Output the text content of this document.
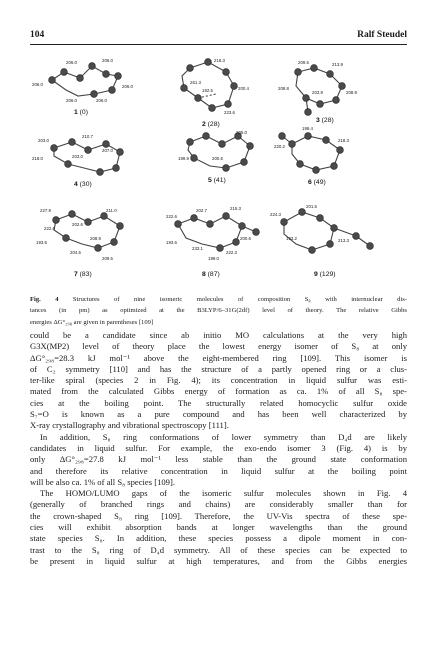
104	Ralf Steudel
206.0	206.0
206.0	206.0
206.0	206.0
218.3
200.4
261.3
192.5
223.6
209.5	213.9
208.9
208.8
203.9
203.0
210.7
207.0
218.0	203.0	199.9	200.5
205.0
199.4
220.2
218.3
227.9
202.6
211.0
222.6
193.5
208.9
204.5
209.5
202.7	215.3
222.6
200.6
193.6
233.1
222.3
199.0
201.5
224.3
193.2	213.3
1 (0)
2 (28)
3 (28)
4 (30)
5 (41)	6 (49)
7 (83)	8 (87)	9 (129)
Fig. 4 Structures of nine isomeric molecules of composition S₈ with internuclear dis-
tances (in pm) as optimized at the B3LYP/6–31G(2df) level of theory. The relative Gibbs
energies ΔG°₂₉₈ are given in parentheses [109]
could be a candidate since ab initio MO calculations at the very high
G3X(MP2) level of theory place the lowest energy isomer of S₈ at only
ΔG°₂₉₈=28.3 kJ mol⁻¹ above the eight-membered ring [109]. This isomer is
of C₂ symmetry [110] and has the structure of a partly opened ring or a clus-
ter-like spiral (species 2 in Fig. 4); its concentration in liquid sulfur was esti-
mated from the calculated Gibbs energy of formation as ca. 1% of all S₈ spe-
cies at the boiling point. The structurally related homocyclic sulfur oxide
S₇=O is known as a pure compound and has been well characterized by
X-ray crystallography and vibrational spectroscopy [111].
In addition, S₈ ring conformations of lower symmetry than D₄d are likely
candidates in liquid sulfur. For example, the exo-endo isomer 3 (Fig. 4) is by
only ΔG°₂₉₈=27.8 kJ mol⁻¹ less stable than the ground state conformation
and therefore its relative concentration in liquid sulfur at the boiling point
will be also ca. 1% of all S₈ species [109].
The HOMO/LUMO gaps of the isomeric sulfur molecules shown in Fig. 4
(generally of branched rings and chains) are considerably smaller than for
the crown-shaped S₈ ring [109]. Therefore, the UV-Vis spectra of these spe-
cies will exhibit absorption bands at longer wavelengths than the ground
state species S₈. In addition, these species possess a dipole moment in con-
trast to the S₈ ring of D₄d symmetry. All of these species can be expected to
be present in liquid sulfur at high temperatures, and from the Gibbs energies
